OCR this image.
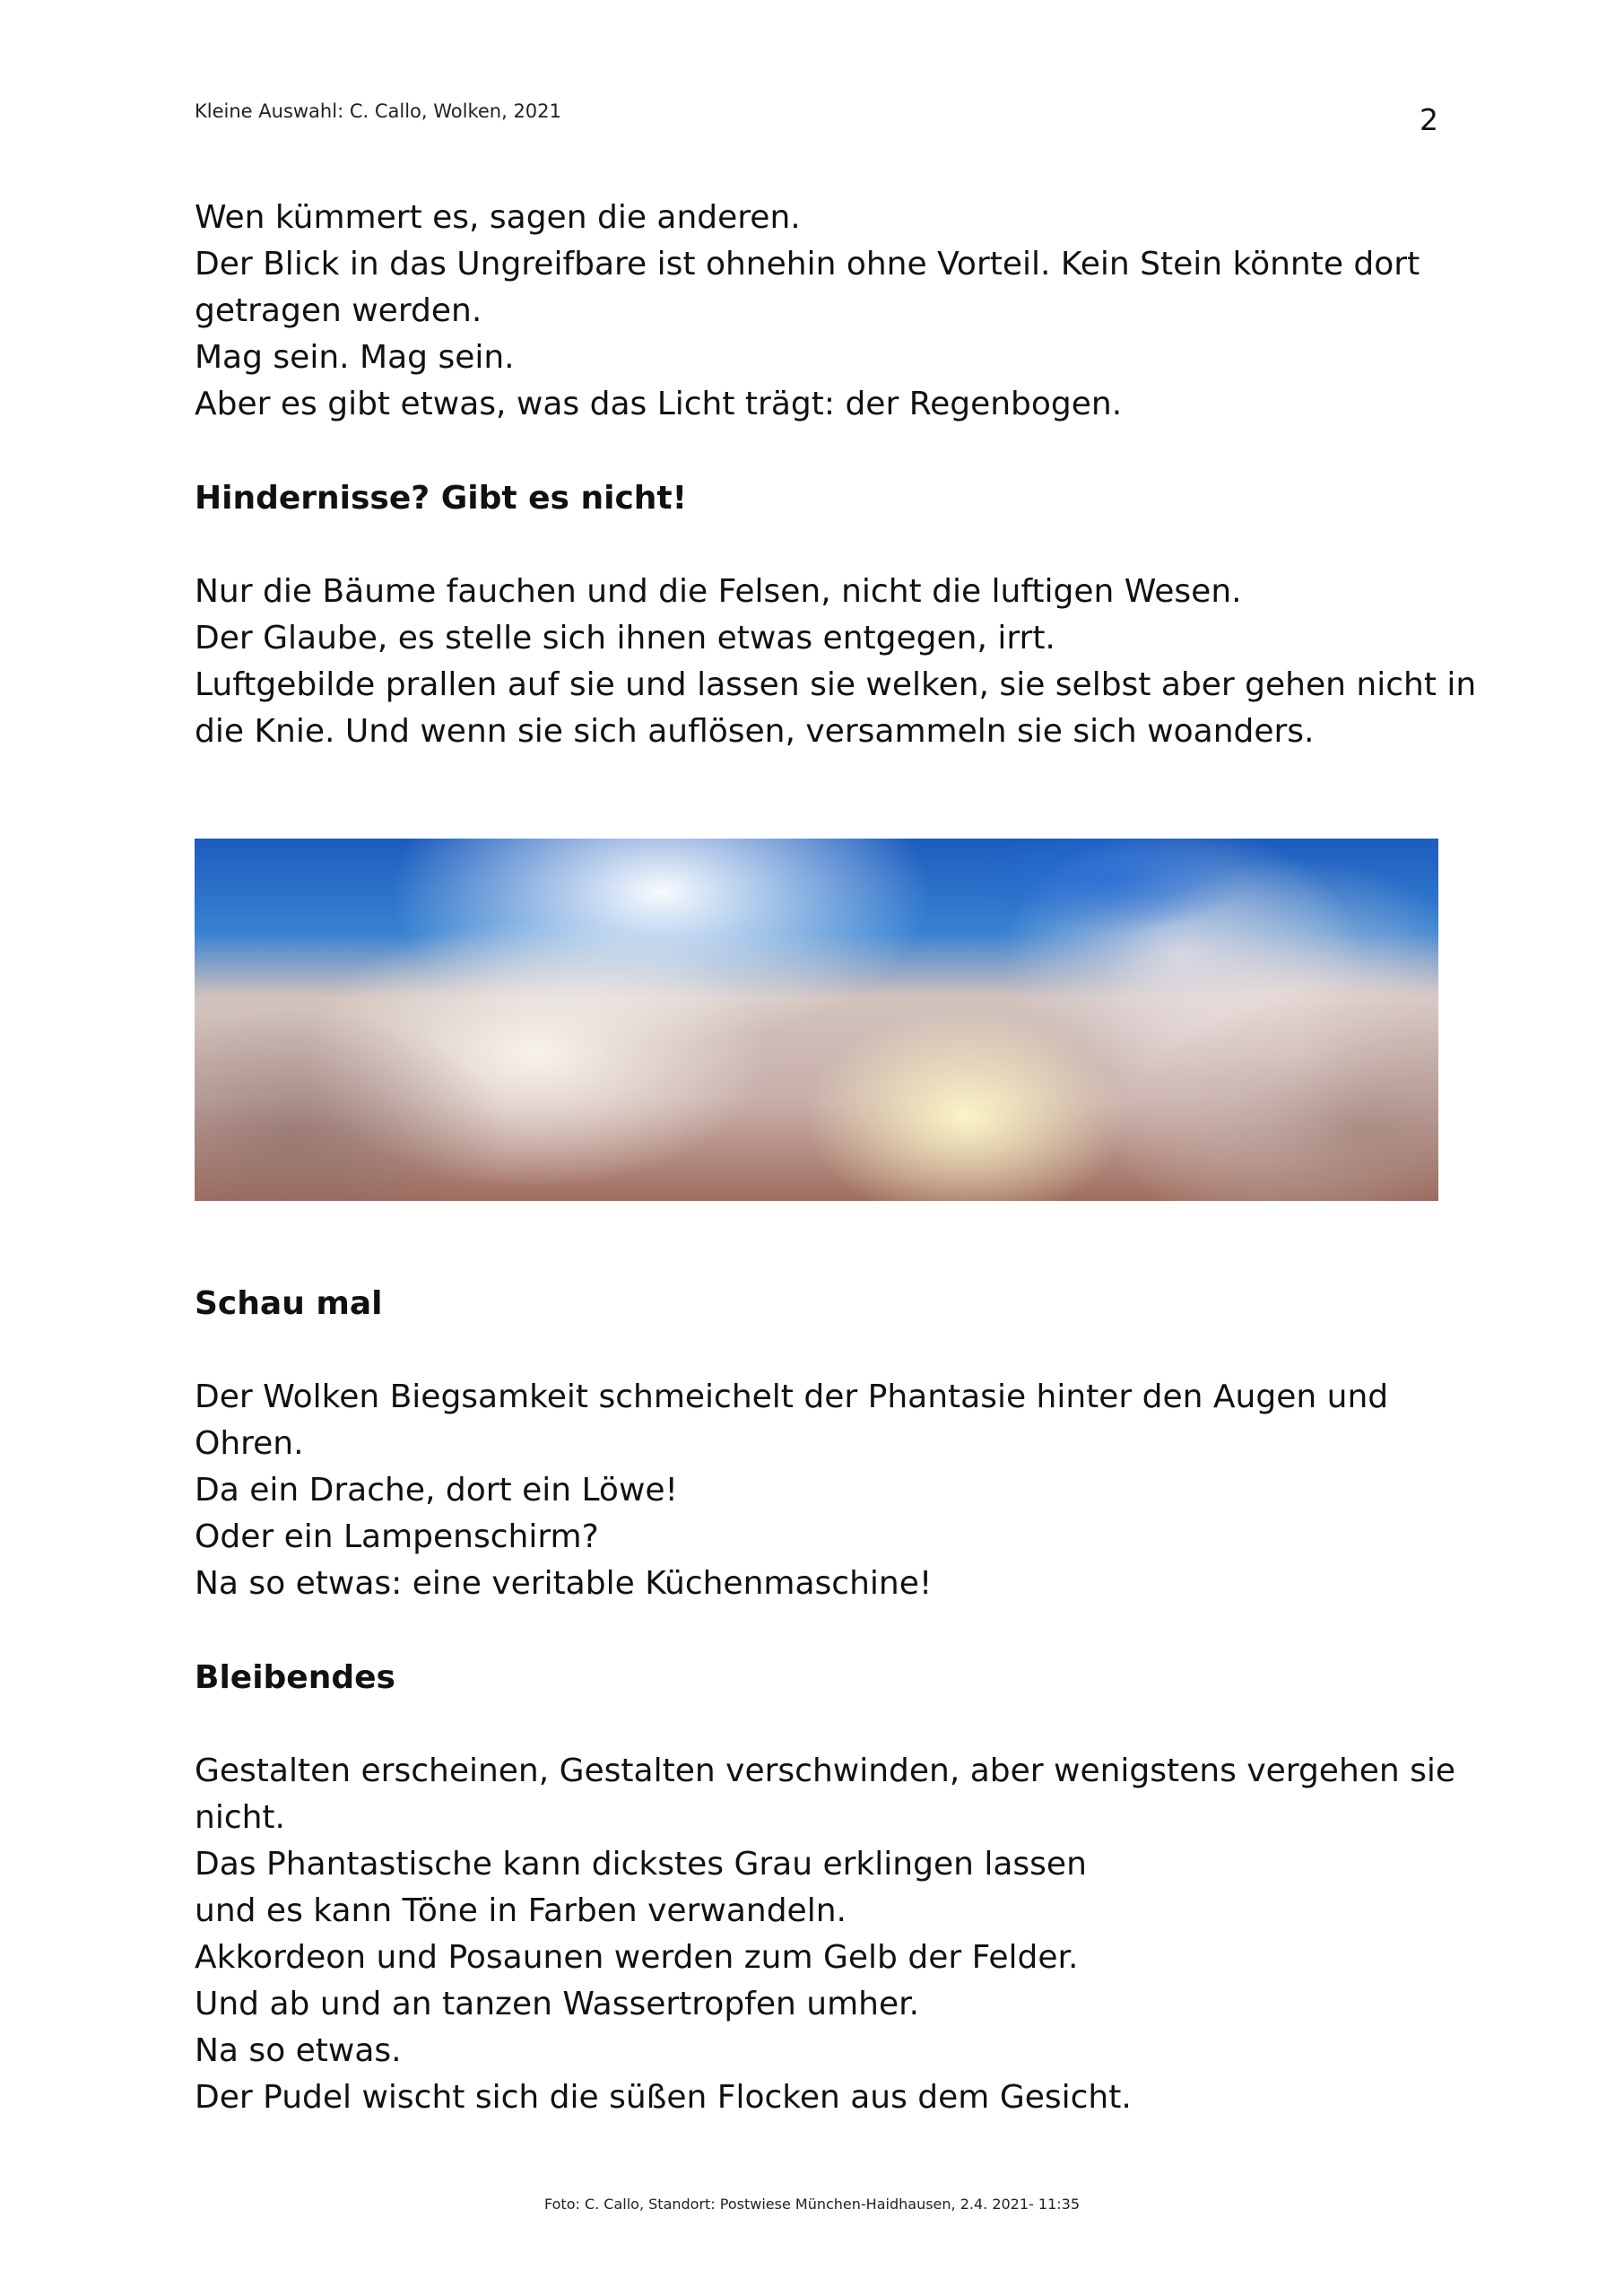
Kleine Auswahl: C. Callo, Wolken, 2021	2
Wen kümmert es, sagen die anderen.
Der Blick in das Ungreifbare ist ohnehin ohne Vorteil. Kein Stein könnte dort
getragen werden.
Mag sein. Mag sein.
Aber es gibt etwas, was das Licht trägt: der Regenbogen.
Hindernisse? Gibt es nicht!
Nur die Bäume fauchen und die Felsen, nicht die luftigen Wesen.
Der Glaube, es stelle sich ihnen etwas entgegen, irrt.
Luftgebilde prallen auf sie und lassen sie welken, sie selbst aber gehen nicht in
die Knie. Und wenn sie sich auflösen, versammeln sie sich woanders.
Schau mal
Der Wolken Biegsamkeit schmeichelt der Phantasie hinter den Augen und
Ohren.
Da ein Drache, dort ein Löwe!
Oder ein Lampenschirm?
Na so etwas: eine veritable Küchenmaschine!
Bleibendes
Gestalten erscheinen, Gestalten verschwinden, aber wenigstens vergehen sie
nicht.
Das Phantastische kann dickstes Grau erklingen lassen
und es kann Töne in Farben verwandeln.
Akkordeon und Posaunen werden zum Gelb der Felder.
Und ab und an tanzen Wassertropfen umher.
Na so etwas.
Der Pudel wischt sich die süßen Flocken aus dem Gesicht.
Foto: C. Callo, Standort: Postwiese München-Haidhausen, 2.4. 2021- 11:35
